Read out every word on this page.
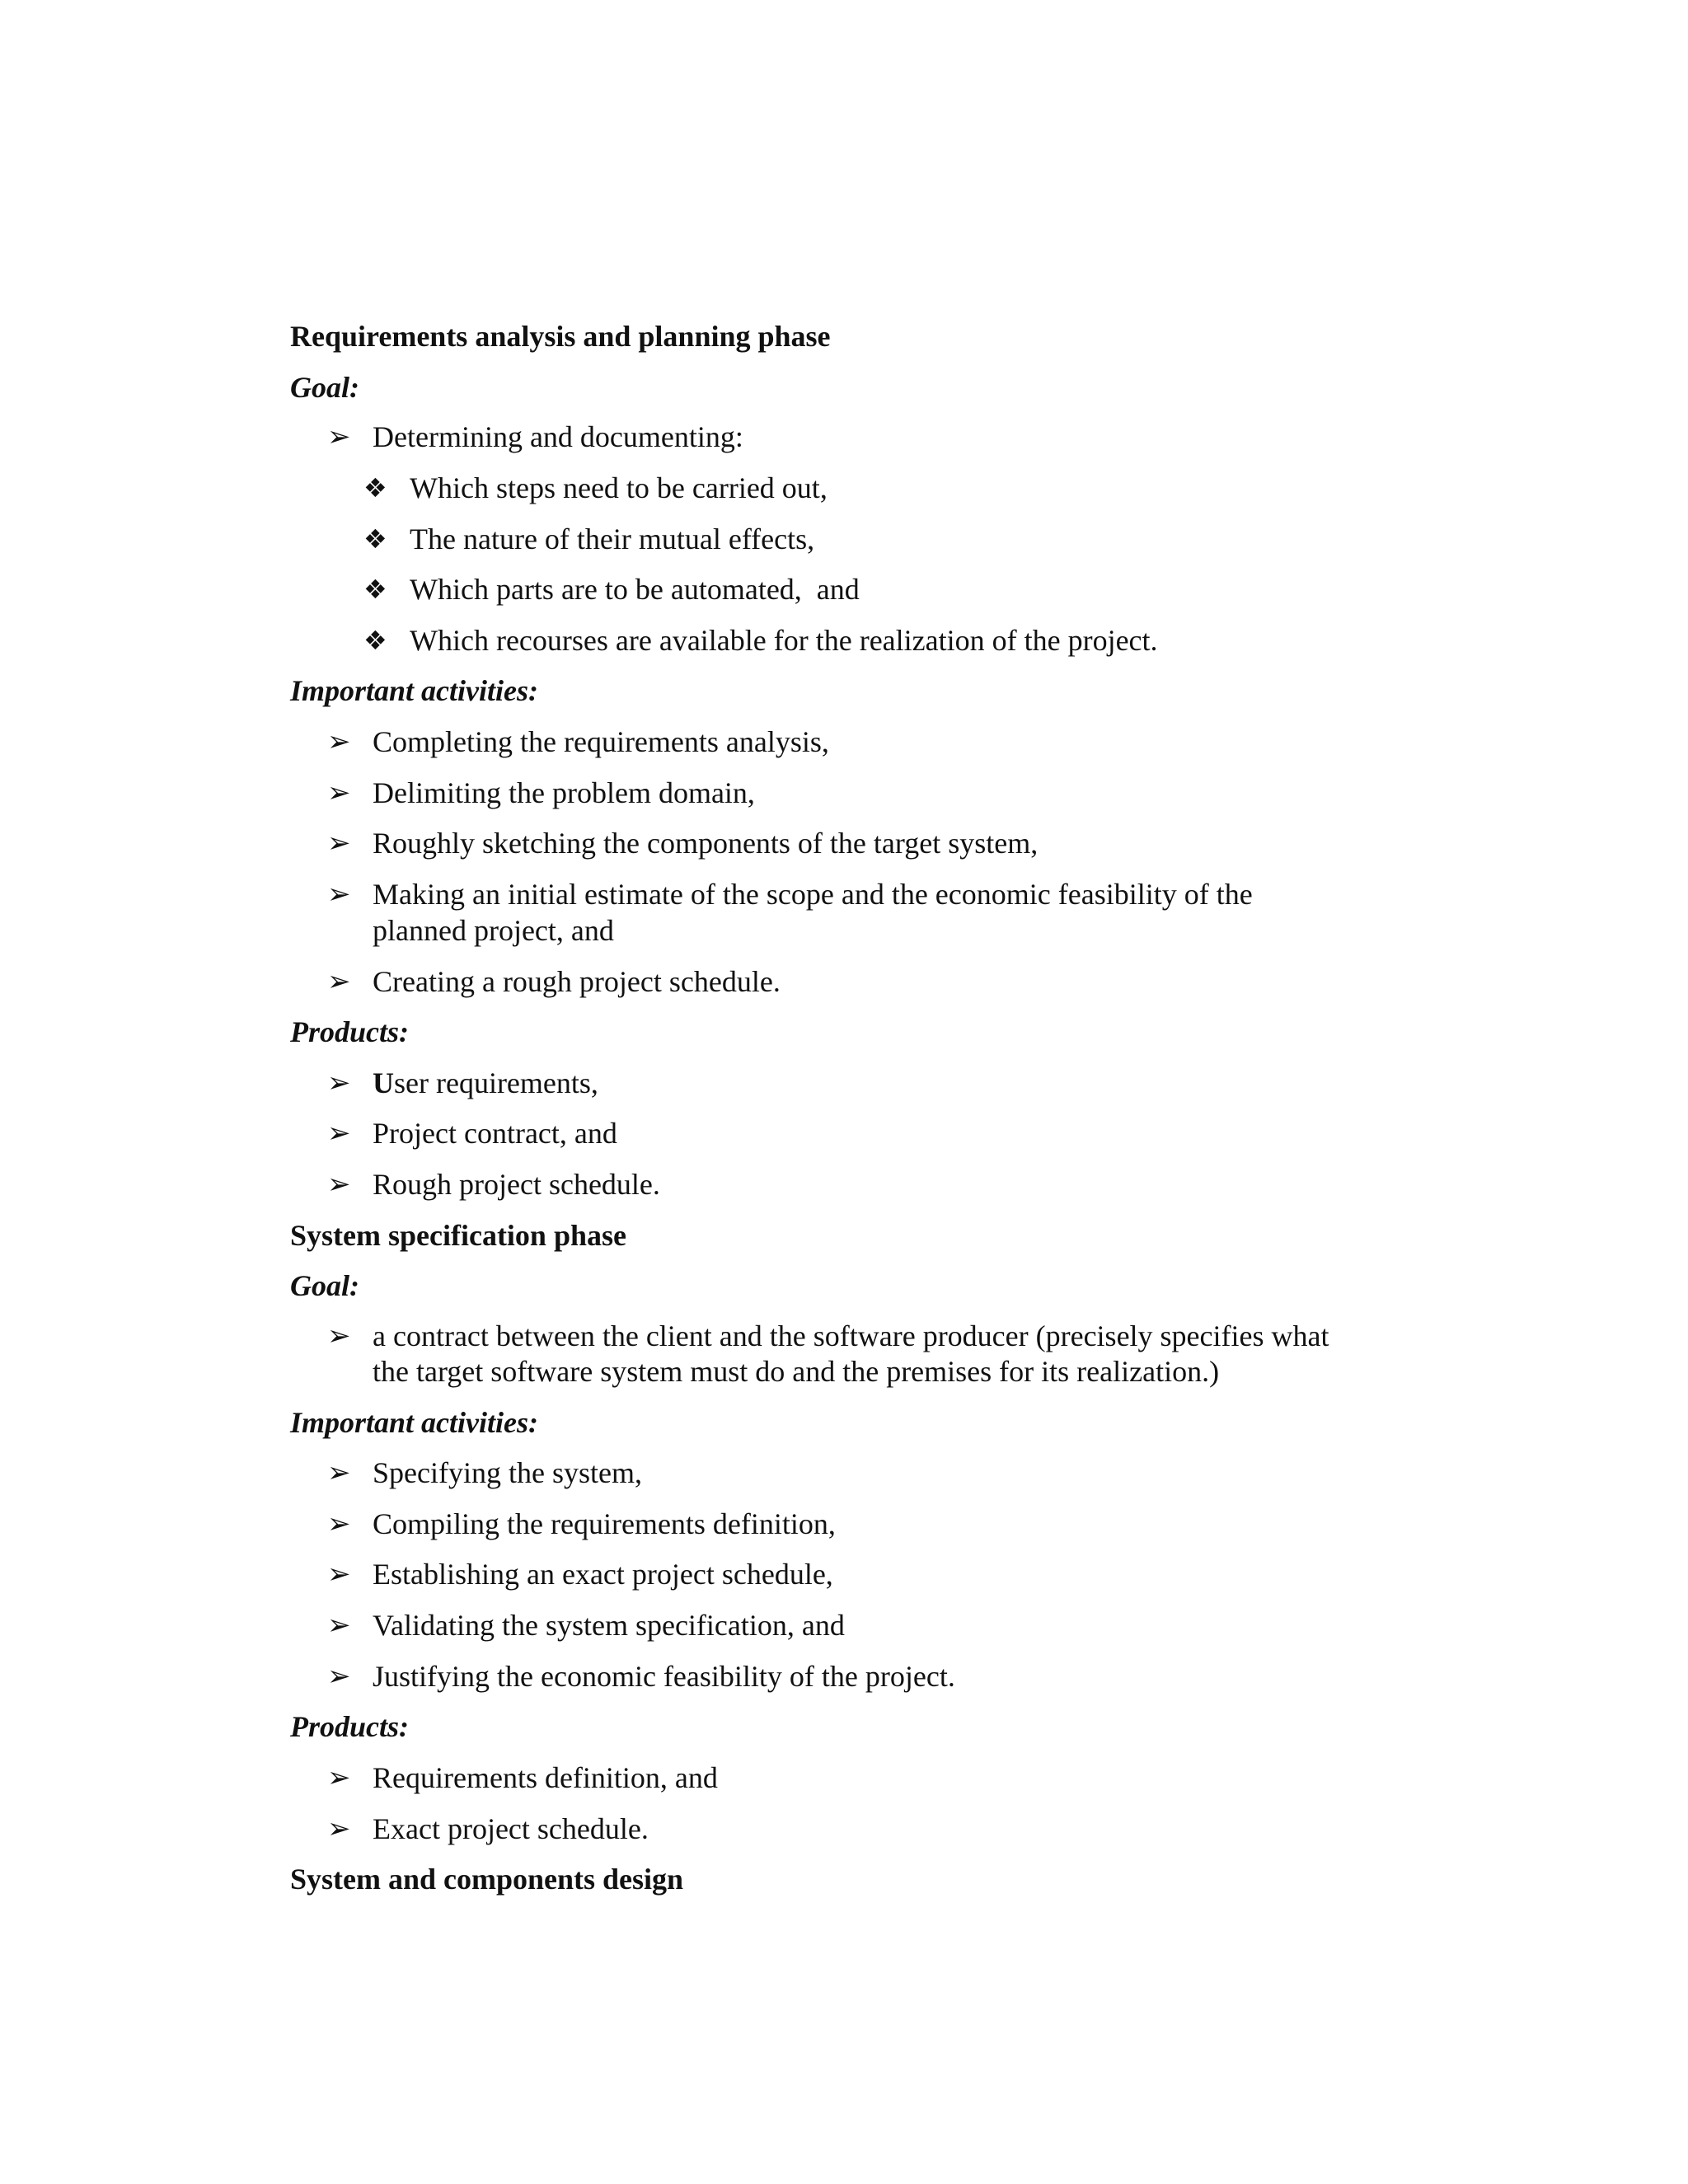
Requirements analysis and planning phase
Goal:
➢ Determining and documenting:
❖ Which steps need to be carried out,
❖ The nature of their mutual effects,
❖ Which parts are to be automated,  and
❖ Which recourses are available for the realization of the project.
Important activities:
➢ Completing the requirements analysis,
➢ Delimiting the problem domain,
➢ Roughly sketching the components of the target system,
➢ Making an initial estimate of the scope and the economic feasibility of the
planned project, and
➢ Creating a rough project schedule.
Products:
➢ User requirements,
➢ Project contract, and
➢ Rough project schedule.
System specification phase
Goal:
➢ a contract between the client and the software producer (precisely specifies what
the target software system must do and the premises for its realization.)
Important activities:
➢ Specifying the system,
➢ Compiling the requirements definition,
➢ Establishing an exact project schedule,
➢ Validating the system specification, and
➢ Justifying the economic feasibility of the project.
Products:
➢ Requirements definition, and
➢ Exact project schedule.
System and components design
